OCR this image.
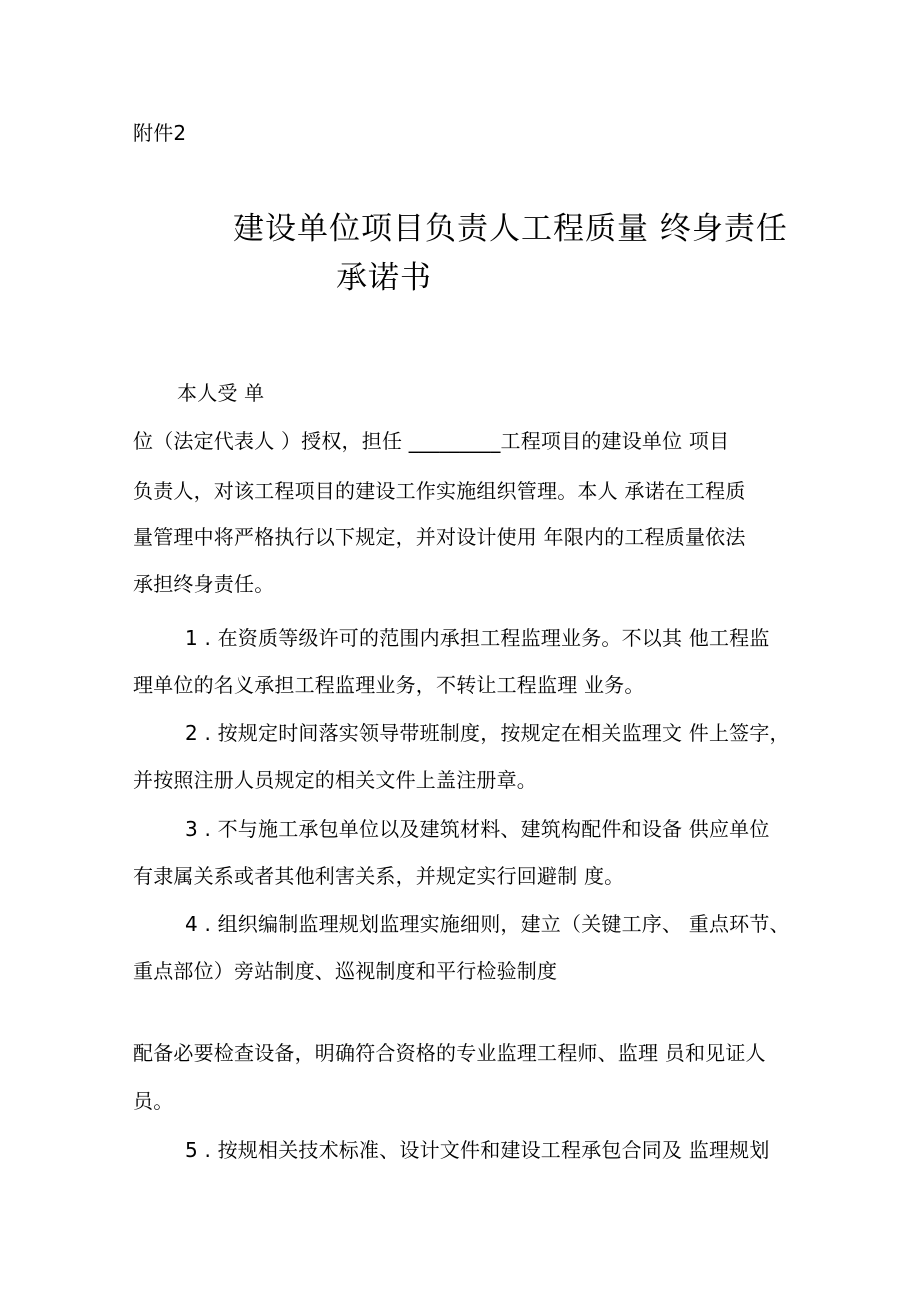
附件2
建设单位项目负责人工程质量 终身责任
承诺书
本人受 单
位（法定代表人 ）授权，担任 _________工程项目的建设单位 项目
负责人，对该工程项目的建设工作实施组织管理。本人 承诺在工程质
量管理中将严格执行以下规定，并对设计使用 年限内的工程质量依法
承担终身责任。
1 . 在资质等级许可的范围内承担工程监理业务。不以其 他工程监
理单位的名义承担工程监理业务，不转让工程监理 业务。
2 . 按规定时间落实领导带班制度，按规定在相关监理文 件上签字，
并按照注册人员规定的相关文件上盖注册章。
3 . 不与施工承包单位以及建筑材料、建筑构配件和设备 供应单位
有隶属关系或者其他利害关系，并规定实行回避制 度。
4 . 组织编制监理规划监理实施细则，建立（关键工序、 重点环节、
重点部位）旁站制度、巡视制度和平行检验制度
配备必要检查设备，明确符合资格的专业监理工程师、监理 员和见证人
员。
5 . 按规相关技术标准、设计文件和建设工程承包合同及 监理规划
